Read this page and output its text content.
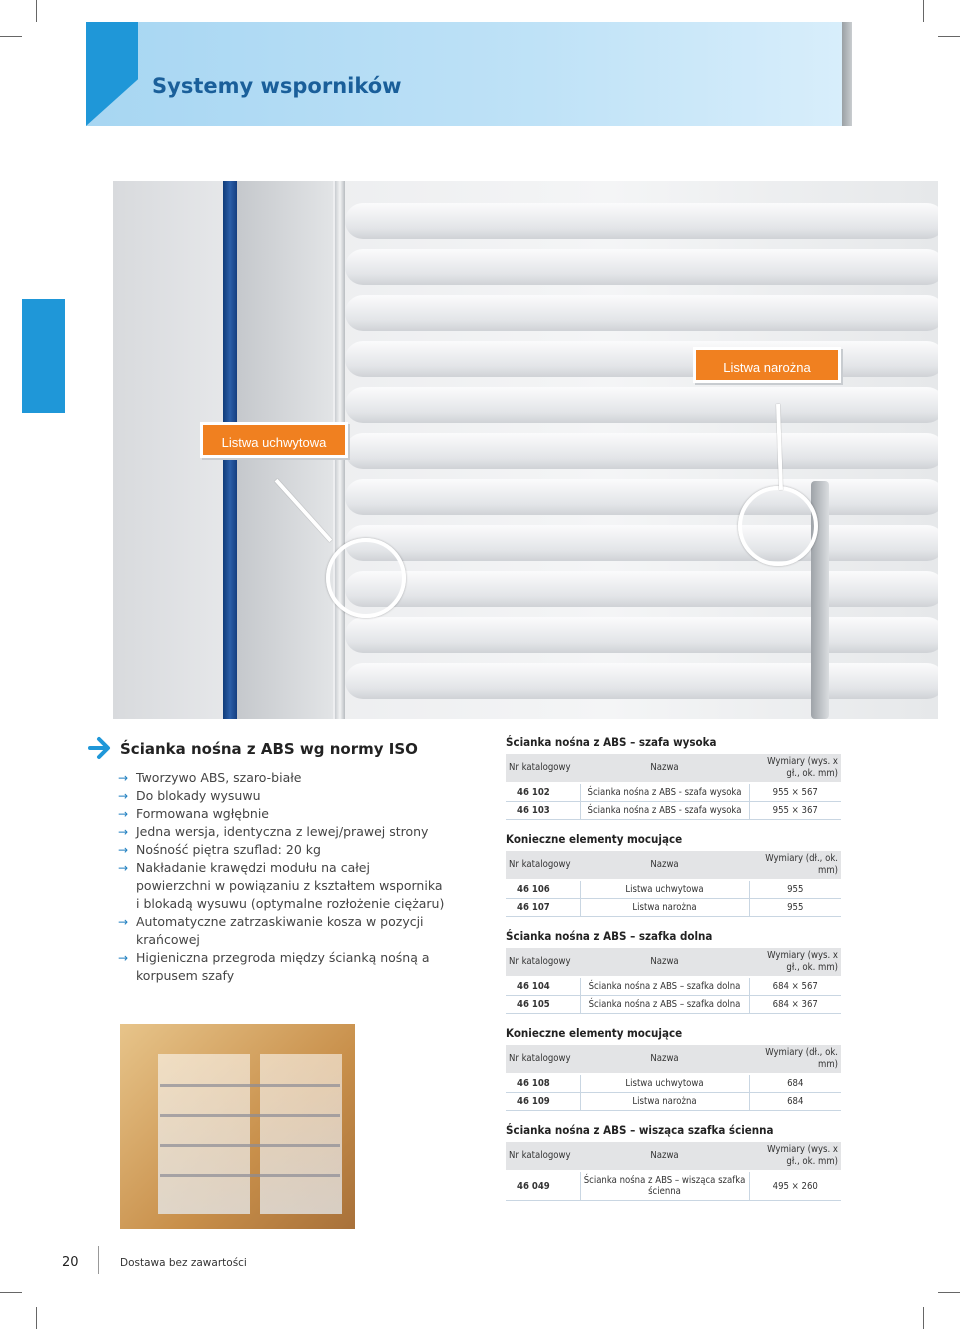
Systemy wsporników
Listwa narożna
Listwa uchwytowa
Ścianka nośna z ABS wg normy ISO
→ Tworzywo ABS, szaro-białe
→ Do blokady wysuwu
→ Formowana wgłębnie
→ Jedna wersja, identyczna z lewej/prawej strony
→ Nośność piętra szuflad: 20 kg
→ Nakładanie krawędzi modułu na całej powierzchni w powiązaniu z kształtem wspornika i blokadą wysuwu (optymalne rozłożenie ciężaru)
→ Automatyczne zatrzaskiwanie kosza w pozycji krańcowej
→ Higieniczna przegroda między ścianką nośną a korpusem szafy
Ścianka nośna z ABS – szafa wysoka
Nr katalogowy	Nazwa	Wymiary (wys. x gł., ok. mm)
46 102	Ścianka nośna z ABS - szafa wysoka	955 × 567
46 103	Ścianka nośna z ABS - szafa wysoka	955 × 367
Konieczne elementy mocujące
Nr katalogowy	Nazwa	Wymiary (dł., ok. mm)
46 106	Listwa uchwytowa	955
46 107	Listwa narożna	955
Ścianka nośna z ABS – szafka dolna
Nr katalogowy	Nazwa	Wymiary (wys. x gł., ok. mm)
46 104	Ścianka nośna z ABS – szafka dolna	684 × 567
46 105	Ścianka nośna z ABS – szafka dolna	684 × 367
Konieczne elementy mocujące
Nr katalogowy	Nazwa	Wymiary (dł., ok. mm)
46 108	Listwa uchwytowa	684
46 109	Listwa narożna	684
Ścianka nośna z ABS – wisząca szafka ścienna
Nr katalogowy	Nazwa	Wymiary (wys. x gł., ok. mm)
46 049	Ścianka nośna z ABS – wisząca szafka ścienna	495 × 260
20	Dostawa bez zawartości
